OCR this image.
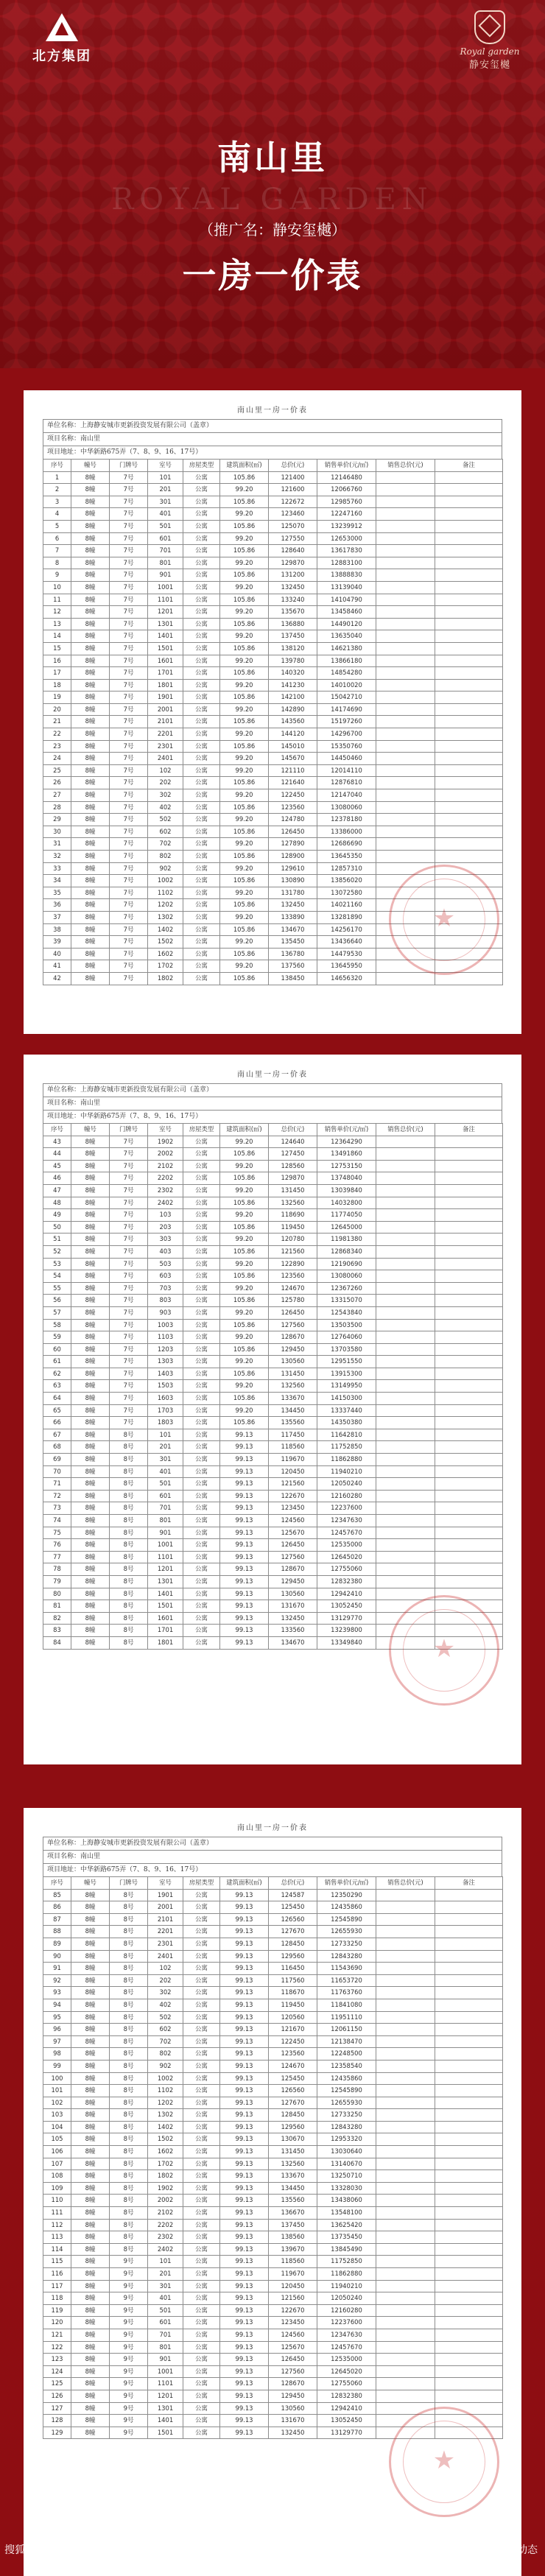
北方集团	Royal garden
静安玺樾
南山里
ROYAL GARDEN
（推广名：静安玺樾）
一房一价表
南山里一房一价表
单位名称：上海静安城市更新投资发展有限公司（盖章）
项目名称：南山里
项目地址：中华新路675弄（7、8、9、16、17号）
序号	幢号	门牌号	室号	房屋类型	建筑面积(㎡)	总价(元)	销售单价(元/㎡)	销售总价(元)	备注
1	8幢	7号	101	公寓	105.86	121400	12146480		
2	8幢	7号	201	公寓	99.20	121600	12066760		
3	8幢	7号	301	公寓	105.86	122672	12985760		
4	8幢	7号	401	公寓	99.20	123460	12247160		
5	8幢	7号	501	公寓	105.86	125070	13239912		
6	8幢	7号	601	公寓	99.20	127550	12653000		
7	8幢	7号	701	公寓	105.86	128640	13617830		
8	8幢	7号	801	公寓	99.20	129870	12883100		
9	8幢	7号	901	公寓	105.86	131200	13888830		
10	8幢	7号	1001	公寓	99.20	132450	13139040		
11	8幢	7号	1101	公寓	105.86	133240	14104790		
12	8幢	7号	1201	公寓	99.20	135670	13458460		
13	8幢	7号	1301	公寓	105.86	136880	14490120		
14	8幢	7号	1401	公寓	99.20	137450	13635040		
15	8幢	7号	1501	公寓	105.86	138120	14621380		
16	8幢	7号	1601	公寓	99.20	139780	13866180		
17	8幢	7号	1701	公寓	105.86	140320	14854280		
18	8幢	7号	1801	公寓	99.20	141230	14010020		
19	8幢	7号	1901	公寓	105.86	142100	15042710		
20	8幢	7号	2001	公寓	99.20	142890	14174690		
21	8幢	7号	2101	公寓	105.86	143560	15197260		
22	8幢	7号	2201	公寓	99.20	144120	14296700		
23	8幢	7号	2301	公寓	105.86	145010	15350760		
24	8幢	7号	2401	公寓	99.20	145670	14450460		
25	8幢	7号	102	公寓	99.20	121110	12014110		
26	8幢	7号	202	公寓	105.86	121640	12876810		
27	8幢	7号	302	公寓	99.20	122450	12147040		
28	8幢	7号	402	公寓	105.86	123560	13080060		
29	8幢	7号	502	公寓	99.20	124780	12378180		
30	8幢	7号	602	公寓	105.86	126450	13386000		
31	8幢	7号	702	公寓	99.20	127890	12686690		
32	8幢	7号	802	公寓	105.86	128900	13645350		
33	8幢	7号	902	公寓	99.20	129610	12857310		
34	8幢	7号	1002	公寓	105.86	130890	13856020		
35	8幢	7号	1102	公寓	99.20	131780	13072580		
36	8幢	7号	1202	公寓	105.86	132450	14021160		
37	8幢	7号	1302	公寓	99.20	133890	13281890		
38	8幢	7号	1402	公寓	105.86	134670	14256170		
39	8幢	7号	1502	公寓	99.20	135450	13436640		
40	8幢	7号	1602	公寓	105.86	136780	14479530		
41	8幢	7号	1702	公寓	99.20	137560	13645950		
42	8幢	7号	1802	公寓	105.86	138450	14656320		
★
南山里一房一价表
单位名称：上海静安城市更新投资发展有限公司（盖章）
项目名称：南山里
项目地址：中华新路675弄（7、8、9、16、17号）
序号	幢号	门牌号	室号	房屋类型	建筑面积(㎡)	总价(元)	销售单价(元/㎡)	销售总价(元)	备注
43	8幢	7号	1902	公寓	99.20	124640	12364290		
44	8幢	7号	2002	公寓	105.86	127450	13491860		
45	8幢	7号	2102	公寓	99.20	128560	12753150		
46	8幢	7号	2202	公寓	105.86	129870	13748040		
47	8幢	7号	2302	公寓	99.20	131450	13039840		
48	8幢	7号	2402	公寓	105.86	132560	14032800		
49	8幢	7号	103	公寓	99.20	118690	11774050		
50	8幢	7号	203	公寓	105.86	119450	12645000		
51	8幢	7号	303	公寓	99.20	120780	11981380		
52	8幢	7号	403	公寓	105.86	121560	12868340		
53	8幢	7号	503	公寓	99.20	122890	12190690		
54	8幢	7号	603	公寓	105.86	123560	13080060		
55	8幢	7号	703	公寓	99.20	124670	12367260		
56	8幢	7号	803	公寓	105.86	125780	13315070		
57	8幢	7号	903	公寓	99.20	126450	12543840		
58	8幢	7号	1003	公寓	105.86	127560	13503500		
59	8幢	7号	1103	公寓	99.20	128670	12764060		
60	8幢	7号	1203	公寓	105.86	129450	13703580		
61	8幢	7号	1303	公寓	99.20	130560	12951550		
62	8幢	7号	1403	公寓	105.86	131450	13915300		
63	8幢	7号	1503	公寓	99.20	132560	13149950		
64	8幢	7号	1603	公寓	105.86	133670	14150300		
65	8幢	7号	1703	公寓	99.20	134450	13337440		
66	8幢	7号	1803	公寓	105.86	135560	14350380		
67	8幢	8号	101	公寓	99.13	117450	11642810		
68	8幢	8号	201	公寓	99.13	118560	11752850		
69	8幢	8号	301	公寓	99.13	119670	11862880		
70	8幢	8号	401	公寓	99.13	120450	11940210		
71	8幢	8号	501	公寓	99.13	121560	12050240		
72	8幢	8号	601	公寓	99.13	122670	12160280		
73	8幢	8号	701	公寓	99.13	123450	12237600		
74	8幢	8号	801	公寓	99.13	124560	12347630		
75	8幢	8号	901	公寓	99.13	125670	12457670		
76	8幢	8号	1001	公寓	99.13	126450	12535000		
77	8幢	8号	1101	公寓	99.13	127560	12645020		
78	8幢	8号	1201	公寓	99.13	128670	12755060		
79	8幢	8号	1301	公寓	99.13	129450	12832380		
80	8幢	8号	1401	公寓	99.13	130560	12942410		
81	8幢	8号	1501	公寓	99.13	131670	13052450		
82	8幢	8号	1601	公寓	99.13	132450	13129770		
83	8幢	8号	1701	公寓	99.13	133560	13239800		
84	8幢	8号	1801	公寓	99.13	134670	13349840		
★
南山里一房一价表
单位名称：上海静安城市更新投资发展有限公司（盖章）
项目名称：南山里
项目地址：中华新路675弄（7、8、9、16、17号）
序号	幢号	门牌号	室号	房屋类型	建筑面积(㎡)	总价(元)	销售单价(元/㎡)	销售总价(元)	备注
85	8幢	8号	1901	公寓	99.13	124587	12350290		
86	8幢	8号	2001	公寓	99.13	125450	12435860		
87	8幢	8号	2101	公寓	99.13	126560	12545890		
88	8幢	8号	2201	公寓	99.13	127670	12655930		
89	8幢	8号	2301	公寓	99.13	128450	12733250		
90	8幢	8号	2401	公寓	99.13	129560	12843280		
91	8幢	8号	102	公寓	99.13	116450	11543690		
92	8幢	8号	202	公寓	99.13	117560	11653720		
93	8幢	8号	302	公寓	99.13	118670	11763760		
94	8幢	8号	402	公寓	99.13	119450	11841080		
95	8幢	8号	502	公寓	99.13	120560	11951110		
96	8幢	8号	602	公寓	99.13	121670	12061150		
97	8幢	8号	702	公寓	99.13	122450	12138470		
98	8幢	8号	802	公寓	99.13	123560	12248500		
99	8幢	8号	902	公寓	99.13	124670	12358540		
100	8幢	8号	1002	公寓	99.13	125450	12435860		
101	8幢	8号	1102	公寓	99.13	126560	12545890		
102	8幢	8号	1202	公寓	99.13	127670	12655930		
103	8幢	8号	1302	公寓	99.13	128450	12733250		
104	8幢	8号	1402	公寓	99.13	129560	12843280		
105	8幢	8号	1502	公寓	99.13	130670	12953320		
106	8幢	8号	1602	公寓	99.13	131450	13030640		
107	8幢	8号	1702	公寓	99.13	132560	13140670		
108	8幢	8号	1802	公寓	99.13	133670	13250710		
109	8幢	8号	1902	公寓	99.13	134450	13328030		
110	8幢	8号	2002	公寓	99.13	135560	13438060		
111	8幢	8号	2102	公寓	99.13	136670	13548100		
112	8幢	8号	2202	公寓	99.13	137450	13625420		
113	8幢	8号	2302	公寓	99.13	138560	13735450		
114	8幢	8号	2402	公寓	99.13	139670	13845490		
115	8幢	9号	101	公寓	99.13	118560	11752850		
116	8幢	9号	201	公寓	99.13	119670	11862880		
117	8幢	9号	301	公寓	99.13	120450	11940210		
118	8幢	9号	401	公寓	99.13	121560	12050240		
119	8幢	9号	501	公寓	99.13	122670	12160280		
120	8幢	9号	601	公寓	99.13	123450	12237600		
121	8幢	9号	701	公寓	99.13	124560	12347630		
122	8幢	9号	801	公寓	99.13	125670	12457670		
123	8幢	9号	901	公寓	99.13	126450	12535000		
124	8幢	9号	1001	公寓	99.13	127560	12645020		
125	8幢	9号	1101	公寓	99.13	128670	12755060		
126	8幢	9号	1201	公寓	99.13	129450	12832380		
127	8幢	9号	1301	公寓	99.13	130560	12942410		
128	8幢	9号	1401	公寓	99.13	131670	13052450		
129	8幢	9号	1501	公寓	99.13	132450	13129770		
★
搜狐号@上海楼盘家园动态	搜狐号@上海楼盘家园动态
